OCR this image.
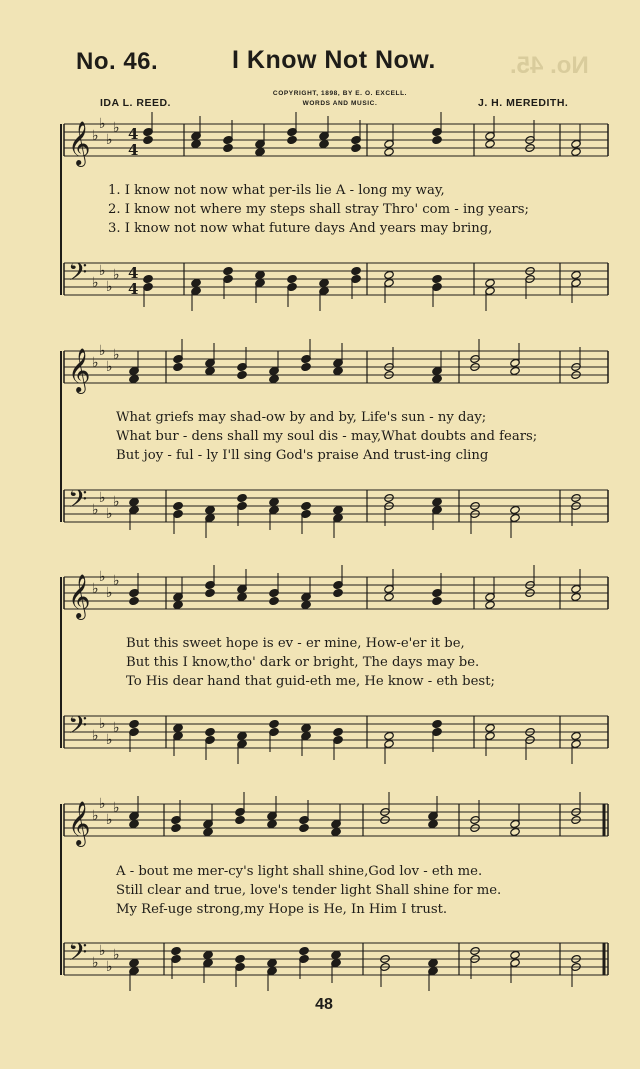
No. 45.
No. 46.	I Know Not Now.
IDA L. REED.
COPYRIGHT, 1898, BY E. O. EXCELL.
WORDS AND MUSIC.	J. H. MEREDITH.
𝄞 ♭
♭
♭
♭ 4
4
𝄢 ♭
♭
♭
♭ 4
4
𝄞 ♭
♭
♭
♭
𝄢 ♭
♭
♭
♭
𝄞 ♭
♭
♭
♭
𝄢 ♭
♭
♭
♭
𝄞 ♭
♭
♭
♭
𝄢 ♭
♭
♭
♭
1. I know not now what per-ils lie A - long my way,
2. I know not where my steps shall stray Thro' com - ing years;
3. I know not now what future days And years may bring,
What griefs may shad-ow by and by, Life's sun - ny day;
What bur - dens shall my soul dis - may,What doubts and fears;
But joy - ful - ly I'll sing God's praise And trust-ing cling
But this sweet hope is ev - er mine, How-e'er it be,
But this I know,tho' dark or bright, The days may be.
To His dear hand that guid-eth me, He know - eth best;
A - bout me mer-cy's light shall shine,God lov - eth me.
Still clear and true, love's tender light Shall shine for me.
My Ref-uge strong,my Hope is He, In Him I trust.
48
